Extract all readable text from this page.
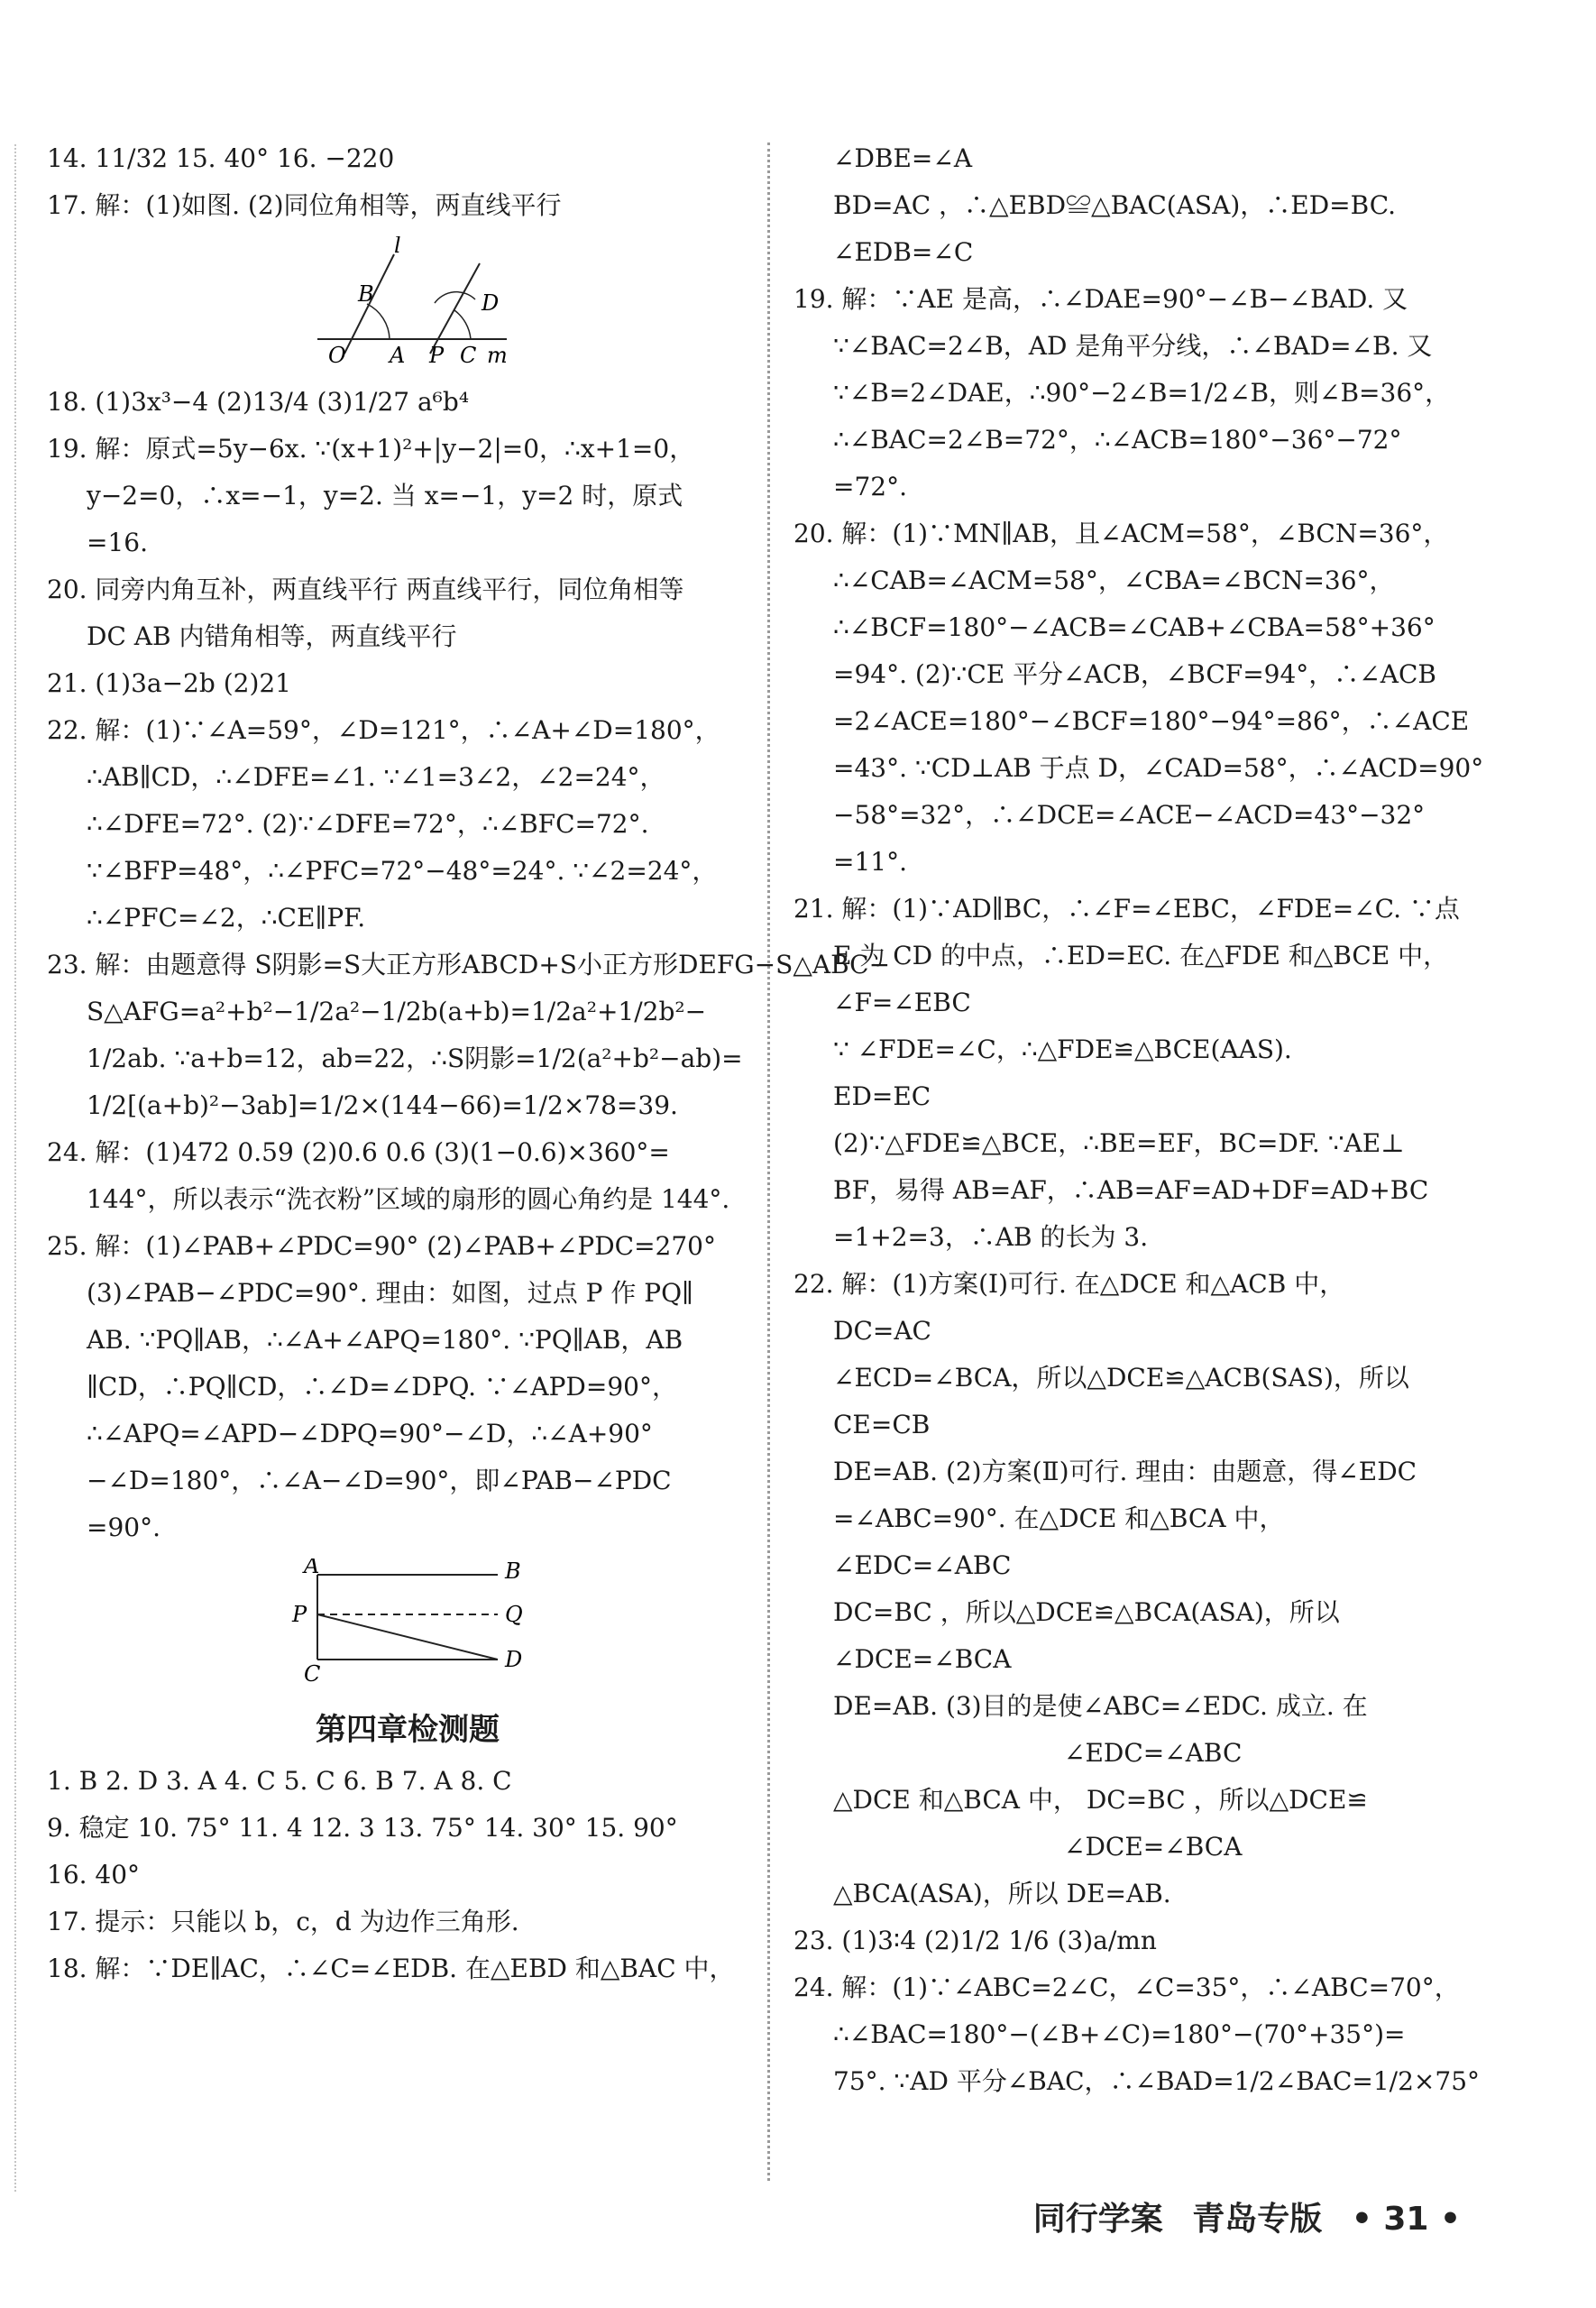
14. 11/32 15. 40° 16. −220
17. 解：(1)如图. (2)同位角相等，两直线平行
l
B	D
O A P C m
18. (1)3x³−4 (2)13/4 (3)1/27 a⁶b⁴
19. 解：原式=5y−6x. ∵(x+1)²+|y−2|=0，∴x+1=0，
y−2=0，∴x=−1，y=2. 当 x=−1，y=2 时，原式
=16.
20. 同旁内角互补，两直线平行 两直线平行，同位角相等
DC AB 内错角相等，两直线平行
21. (1)3a−2b (2)21
22. 解：(1)∵∠A=59°，∠D=121°，∴∠A+∠D=180°，
∴AB∥CD，∴∠DFE=∠1. ∵∠1=3∠2，∠2=24°，
∴∠DFE=72°. (2)∵∠DFE=72°，∴∠BFC=72°.
∵∠BFP=48°，∴∠PFC=72°−48°=24°. ∵∠2=24°，
∴∠PFC=∠2，∴CE∥PF.
23. 解：由题意得 S阴影=S大正方形ABCD+S小正方形DEFG−S△ABC−
S△AFG=a²+b²−1/2a²−1/2b(a+b)=1/2a²+1/2b²−
1/2ab. ∵a+b=12，ab=22，∴S阴影=1/2(a²+b²−ab)=
1/2[(a+b)²−3ab]=1/2×(144−66)=1/2×78=39.
24. 解：(1)472 0.59 (2)0.6 0.6 (3)(1−0.6)×360°=
144°，所以表示“洗衣粉”区域的扇形的圆心角约是 144°.
25. 解：(1)∠PAB+∠PDC=90° (2)∠PAB+∠PDC=270°
(3)∠PAB−∠PDC=90°. 理由：如图，过点 P 作 PQ∥
AB. ∵PQ∥AB，∴∠A+∠APQ=180°. ∵PQ∥AB，AB
∥CD，∴PQ∥CD，∴∠D=∠DPQ. ∵∠APD=90°，
∴∠APQ=∠APD−∠DPQ=90°−∠D，∴∠A+90°
−∠D=180°，∴∠A−∠D=90°，即∠PAB−∠PDC
=90°.
A	B
P	Q
C
D
第四章检测题
1. B 2. D 3. A 4. C 5. C 6. B 7. A 8. C
9. 稳定 10. 75° 11. 4 12. 3 13. 75° 14. 30° 15. 90°
16. 40°
17. 提示：只能以 b，c，d 为边作三角形.
18. 解：∵DE∥AC，∴∠C=∠EDB. 在△EBD 和△BAC 中，
∠DBE=∠A
BD=AC ，∴△EBD≌△BAC(ASA)，∴ED=BC.
∠EDB=∠C
19. 解：∵AE 是高，∴∠DAE=90°−∠B−∠BAD. 又
∵∠BAC=2∠B，AD 是角平分线，∴∠BAD=∠B. 又
∵∠B=2∠DAE，∴90°−2∠B=1/2∠B，则∠B=36°，
∴∠BAC=2∠B=72°，∴∠ACB=180°−36°−72°
=72°.
20. 解：(1)∵MN∥AB，且∠ACM=58°，∠BCN=36°，
∴∠CAB=∠ACM=58°，∠CBA=∠BCN=36°，
∴∠BCF=180°−∠ACB=∠CAB+∠CBA=58°+36°
=94°. (2)∵CE 平分∠ACB，∠BCF=94°，∴∠ACB
=2∠ACE=180°−∠BCF=180°−94°=86°，∴∠ACE
=43°. ∵CD⊥AB 于点 D，∠CAD=58°，∴∠ACD=90°
−58°=32°，∴∠DCE=∠ACE−∠ACD=43°−32°
=11°.
21. 解：(1)∵AD∥BC，∴∠F=∠EBC，∠FDE=∠C. ∵点
E 为 CD 的中点，∴ED=EC. 在△FDE 和△BCE 中，
∠F=∠EBC
∵ ∠FDE=∠C，∴△FDE≌△BCE(AAS).
ED=EC
(2)∵△FDE≌△BCE，∴BE=EF，BC=DF. ∵AE⊥
BF，易得 AB=AF，∴AB=AF=AD+DF=AD+BC
=1+2=3，∴AB 的长为 3.
22. 解：(1)方案(Ⅰ)可行. 在△DCE 和△ACB 中，
DC=AC
∠ECD=∠BCA，所以△DCE≌△ACB(SAS)，所以
CE=CB
DE=AB. (2)方案(Ⅱ)可行. 理由：由题意，得∠EDC
=∠ABC=90°. 在△DCE 和△BCA 中，
∠EDC=∠ABC
DC=BC ，所以△DCE≌△BCA(ASA)，所以
∠DCE=∠BCA
DE=AB. (3)目的是使∠ABC=∠EDC. 成立. 在
∠EDC=∠ABC
△DCE 和△BCA 中， DC=BC ，所以△DCE≌
∠DCE=∠BCA
△BCA(ASA)，所以 DE=AB.
23. (1)3∶4 (2)1/2 1/6 (3)a/mn
24. 解：(1)∵∠ABC=2∠C，∠C=35°，∴∠ABC=70°，
∴∠BAC=180°−(∠B+∠C)=180°−(70°+35°)=
75°. ∵AD 平分∠BAC，∴∠BAD=1/2∠BAC=1/2×75°
同行学案 青岛专版 • 31 •
